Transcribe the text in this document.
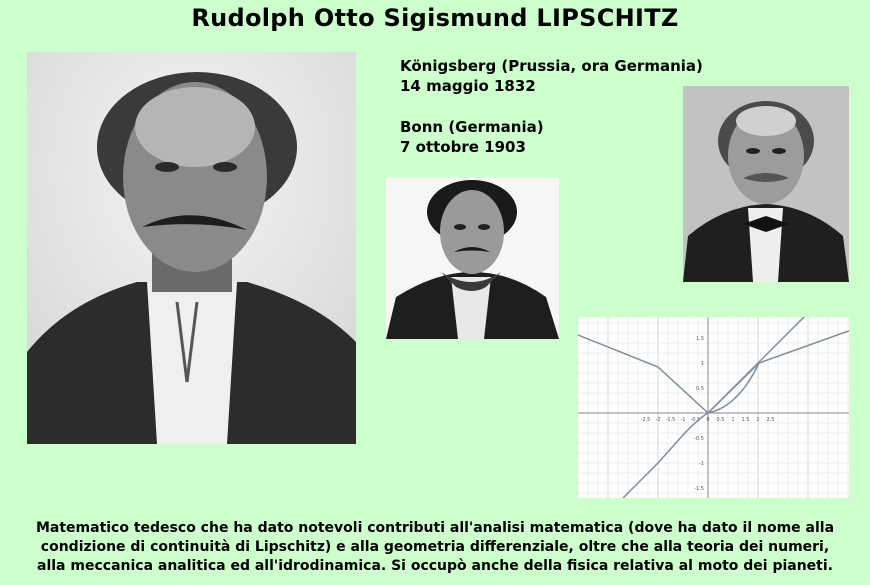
Rudolph Otto Sigismund LIPSCHITZ
Königsberg (Prussia, ora Germania)
14 maggio 1832
Bonn (Germania)
7 ottobre 1903
-2.5 -2 -1.5 -1 -0.5 0 0.5 1 1.5 2 2.5
1.5
1
0.5
-0.5
-1
-1.5
Matematico tedesco che ha dato notevoli contributi all'analisi matematica (dove ha dato il nome alla
condizione di continuità di Lipschitz) e alla geometria differenziale, oltre che alla teoria dei numeri,
alla meccanica analitica ed all'idrodinamica. Si occupò anche della fisica relativa al moto dei pianeti.
